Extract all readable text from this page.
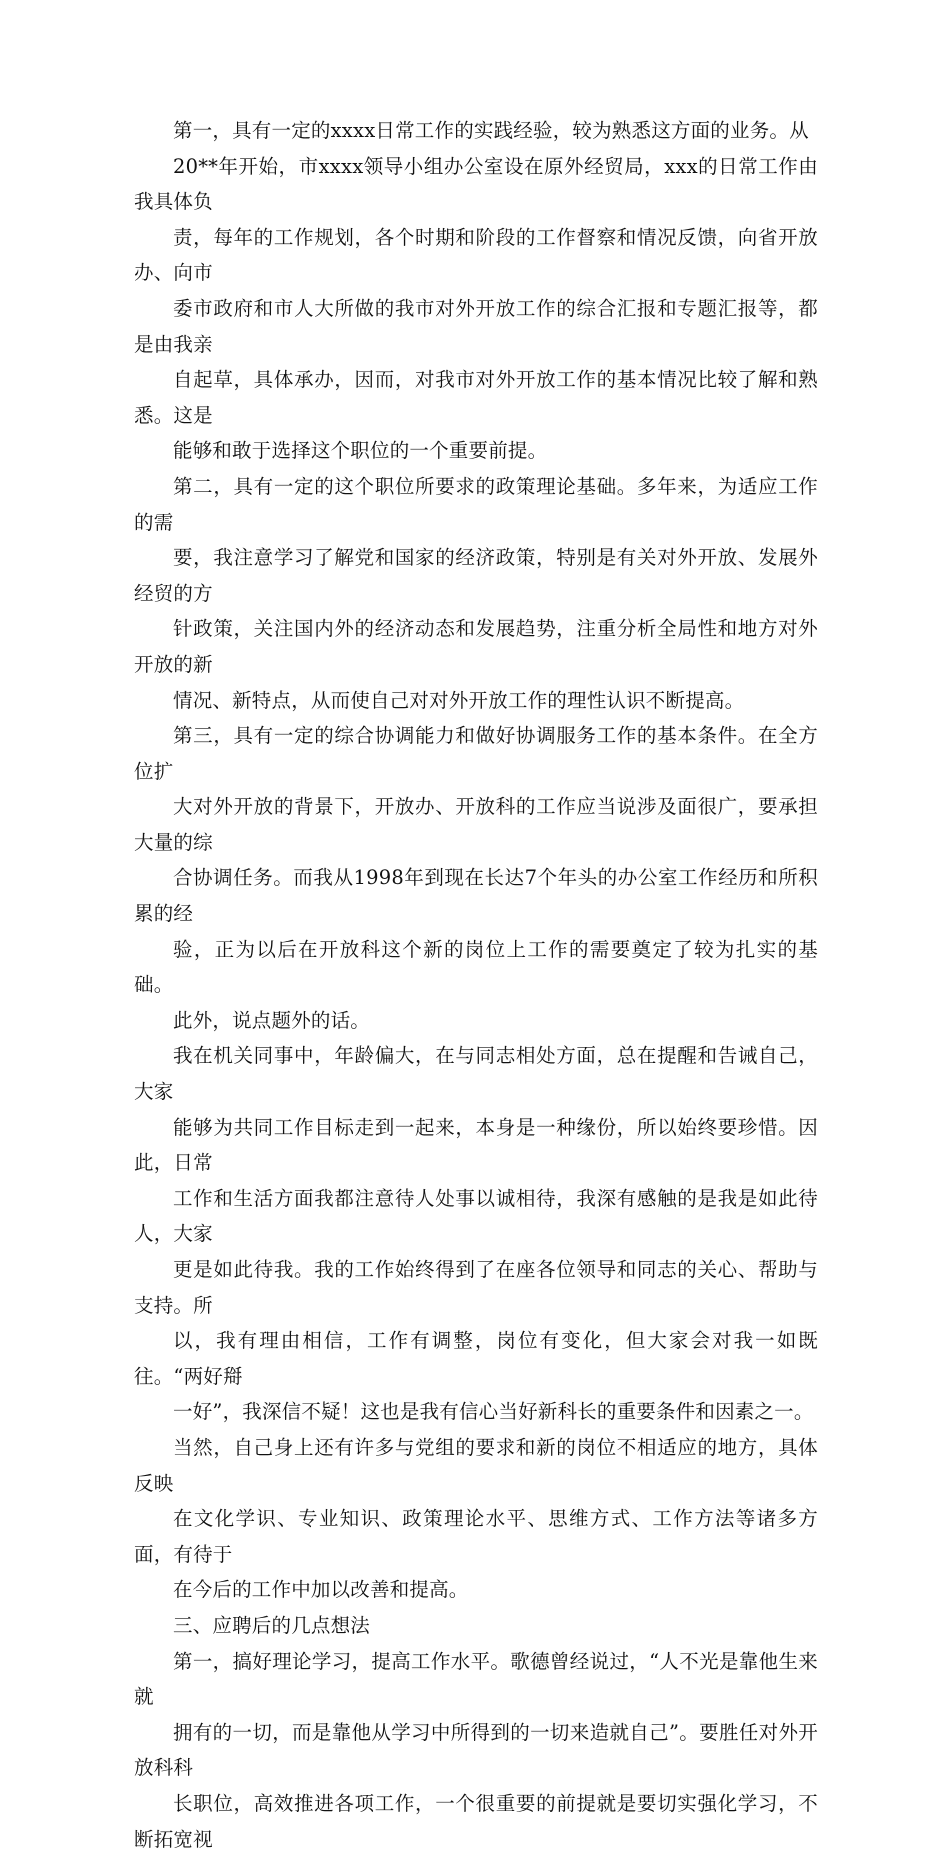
第一，具有一定的xxxx日常工作的实践经验，较为熟悉这方面的业务。从
20**年开始，市xxxx领导小组办公室设在原外经贸局，xxx的日常工作由我具体负
责，每年的工作规划，各个时期和阶段的工作督察和情况反馈，向省开放办、向市
委市政府和市人大所做的我市对外开放工作的综合汇报和专题汇报等，都是由我亲
自起草，具体承办，因而，对我市对外开放工作的基本情况比较了解和熟悉。这是
能够和敢于选择这个职位的一个重要前提。

第二，具有一定的这个职位所要求的政策理论基础。多年来，为适应工作的需
要，我注意学习了解党和国家的经济政策，特别是有关对外开放、发展外经贸的方
针政策，关注国内外的经济动态和发展趋势，注重分析全局性和地方对外开放的新
情况、新特点，从而使自己对对外开放工作的理性认识不断提高。

第三，具有一定的综合协调能力和做好协调服务工作的基本条件。在全方位扩
大对外开放的背景下，开放办、开放科的工作应当说涉及面很广，要承担大量的综
合协调任务。而我从1998年到现在长达7个年头的办公室工作经历和所积累的经
验，正为以后在开放科这个新的岗位上工作的需要奠定了较为扎实的基础。

此外，说点题外的话。

我在机关同事中，年龄偏大，在与同志相处方面，总在提醒和告诫自己，大家
能够为共同工作目标走到一起来，本身是一种缘份，所以始终要珍惜。因此，日常
工作和生活方面我都注意待人处事以诚相待，我深有感触的是我是如此待人，大家
更是如此待我。我的工作始终得到了在座各位领导和同志的关心、帮助与支持。所
以，我有理由相信，工作有调整，岗位有变化，但大家会对我一如既往。“两好搿
一好”，我深信不疑！这也是我有信心当好新科长的重要条件和因素之一。

当然，自己身上还有许多与党组的要求和新的岗位不相适应的地方，具体反映
在文化学识、专业知识、政策理论水平、思维方式、工作方法等诸多方面，有待于
在今后的工作中加以改善和提高。

三、应聘后的几点想法

第一，搞好理论学习，提高工作水平。歌德曾经说过，“人不光是靠他生来就
拥有的一切，而是靠他从学习中所得到的一切来造就自己”。要胜任对外开放科科
长职位，高效推进各项工作，一个很重要的前提就是要切实强化学习，不断拓宽视
